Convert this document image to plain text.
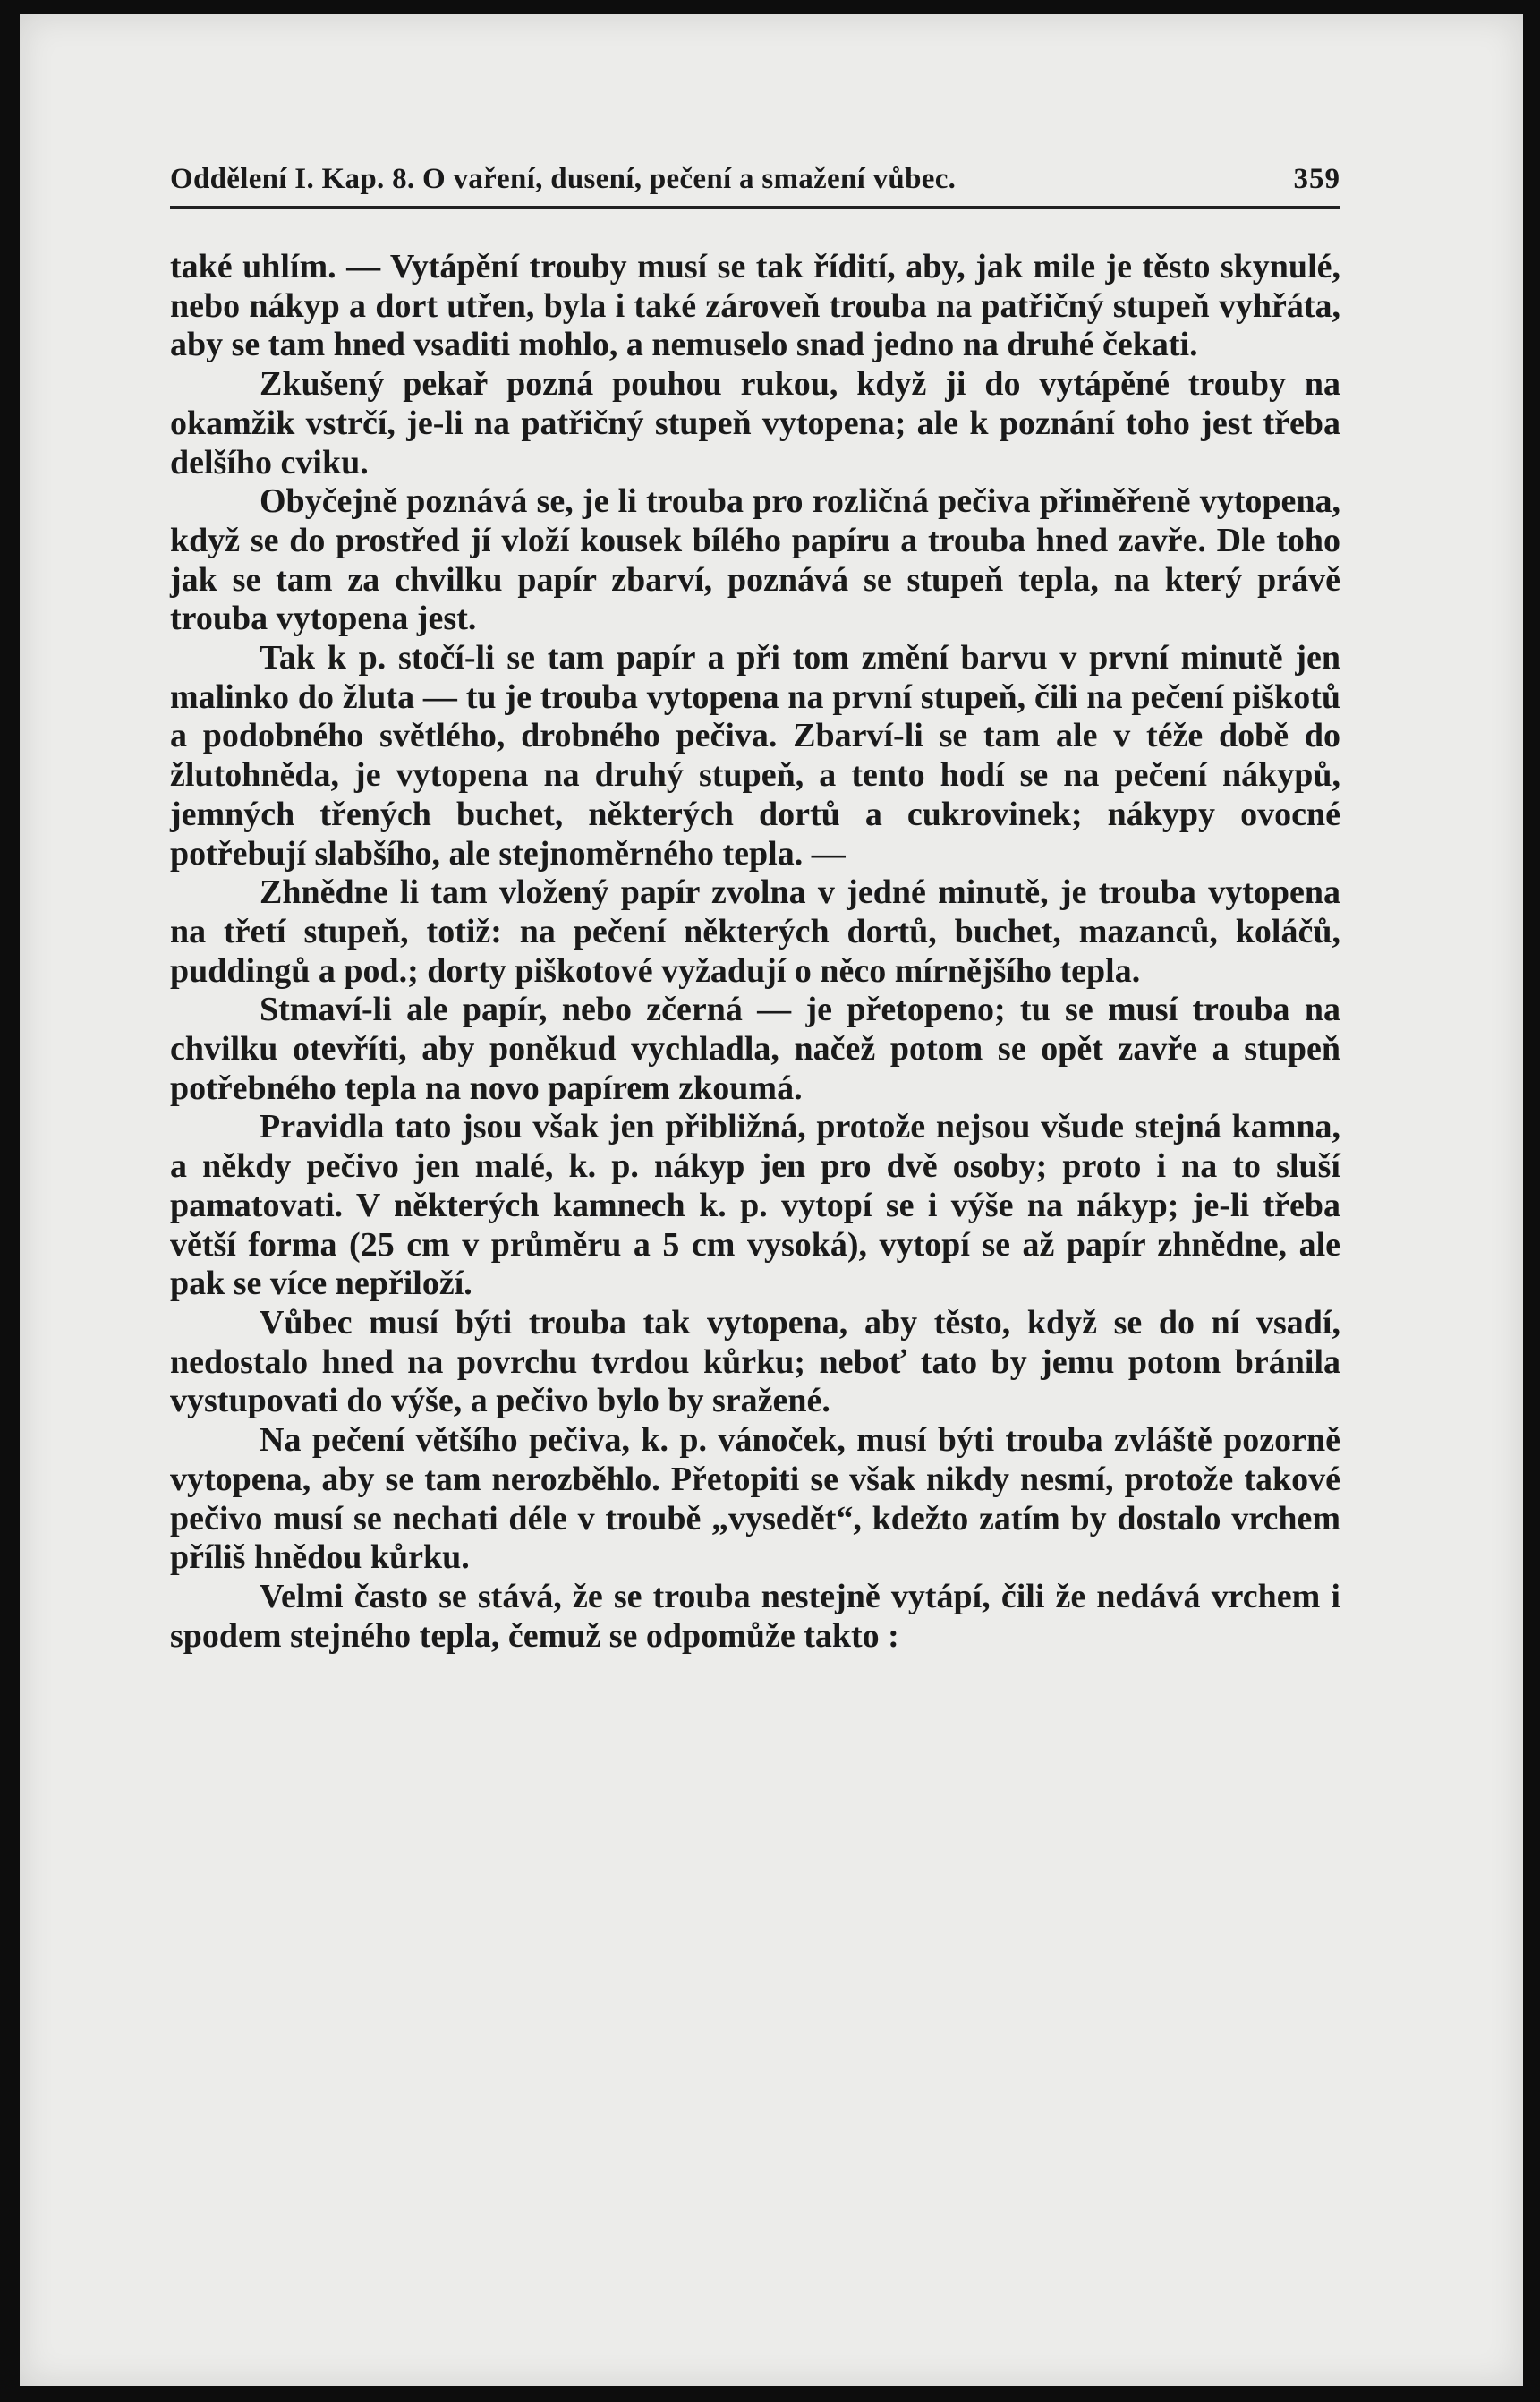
Oddělení I. Kap. 8. O vaření, dusení, pečení a smažení vůbec.	359

také uhlím. — Vytápění trouby musí se tak řídití, aby, jak mile je těsto skynulé, nebo nákyp a dort utřen, byla i také zároveň trouba na patřičný stupeň vyhřáta, aby se tam hned vsaditi mohlo, a nemuselo snad jedno na druhé čekati.

Zkušený pekař pozná pouhou rukou, když ji do vytápěné trouby na okamžik vstrčí, je-li na patřičný stupeň vytopena; ale k poznání toho jest třeba delšího cviku.

Obyčejně poznává se, je li trouba pro rozličná pečiva přiměřeně vytopena, když se do prostřed jí vloží kousek bílého papíru a trouba hned zavře. Dle toho jak se tam za chvilku papír zbarví, poznává se stupeň tepla, na který právě trouba vytopena jest.

Tak k p. stočí-li se tam papír a při tom změní barvu v první minutě jen malinko do žluta — tu je trouba vytopena na první stupeň, čili na pečení piškotů a podobného světlého, drobného pečiva. Zbarví-li se tam ale v téže době do žlutohněda, je vytopena na druhý stupeň, a tento hodí se na pečení nákypů, jemných třených buchet, některých dortů a cukrovinek; nákypy ovocné potřebují slabšího, ale stejnoměrného tepla. —

Zhnědne li tam vložený papír zvolna v jedné minutě, je trouba vytopena na třetí stupeň, totiž: na pečení některých dortů, buchet, mazanců, koláčů, puddingů a pod.; dorty piškotové vyžadují o něco mírnějšího tepla.

Stmaví-li ale papír, nebo zčerná — je přetopeno; tu se musí trouba na chvilku otevříti, aby poněkud vychladla, načež potom se opět zavře a stupeň potřebného tepla na novo papírem zkoumá.

Pravidla tato jsou však jen přibližná, protože nejsou všude stejná kamna, a někdy pečivo jen malé, k. p. nákyp jen pro dvě osoby; proto i na to sluší pamatovati. V některých kamnech k. p. vytopí se i výše na nákyp; je-li třeba větší forma (25 cm v průměru a 5 cm vysoká), vytopí se až papír zhnědne, ale pak se více nepřiloží.

Vůbec musí býti trouba tak vytopena, aby těsto, když se do ní vsadí, nedostalo hned na povrchu tvrdou kůrku; neboť tato by jemu potom bránila vystupovati do výše, a pečivo bylo by sražené.

Na pečení většího pečiva, k. p. vánoček, musí býti trouba zvláště pozorně vytopena, aby se tam nerozběhlo. Přetopiti se však nikdy nesmí, protože takové pečivo musí se nechati déle v troubě „vysedět“, kdežto zatím by dostalo vrchem příliš hnědou kůrku.

Velmi často se stává, že se trouba nestejně vytápí, čili že nedává vrchem i spodem stejného tepla, čemuž se odpomůže takto :
